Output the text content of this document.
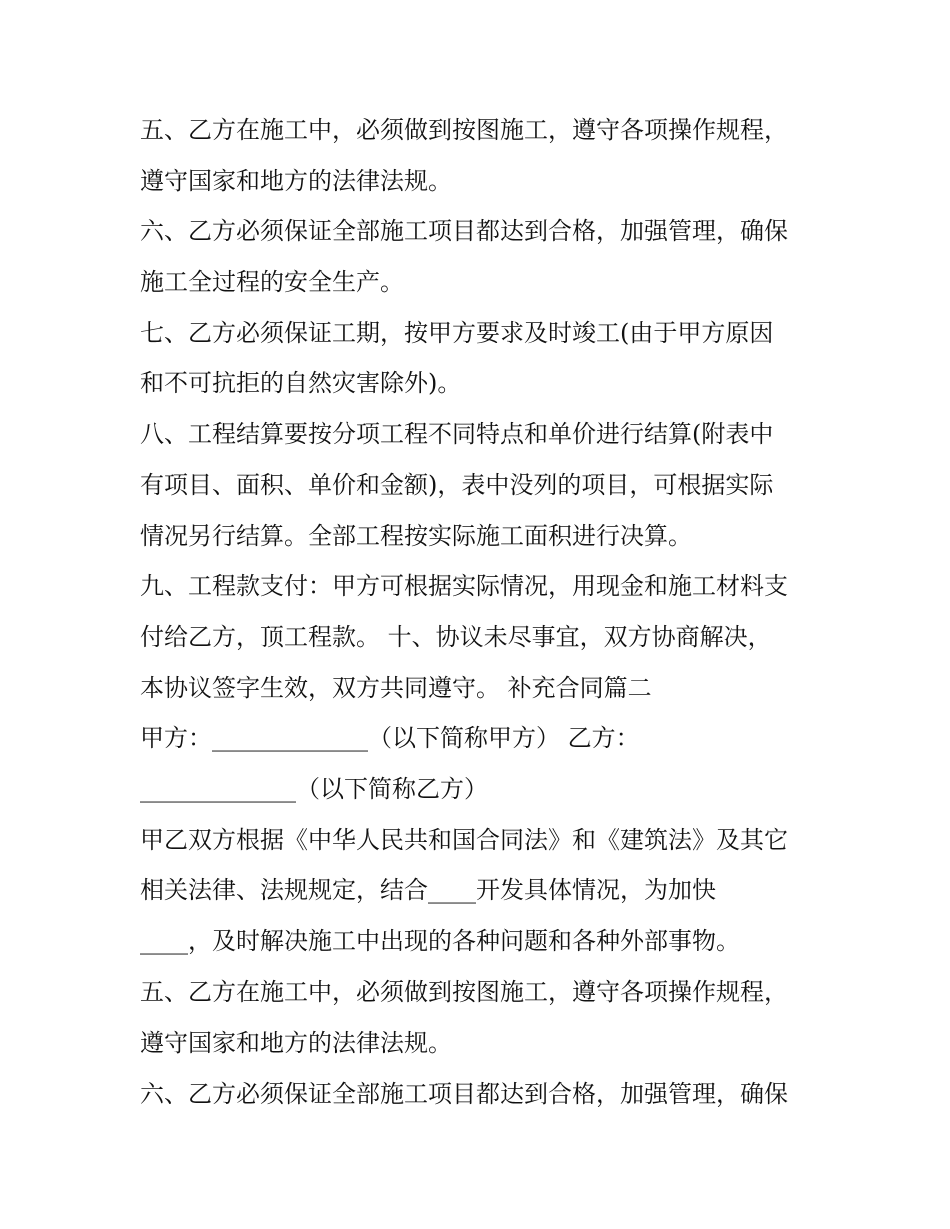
五、乙方在施工中，必须做到按图施工，遵守各项操作规程，
遵守国家和地方的法律法规。
六、乙方必须保证全部施工项目都达到合格，加强管理，确保
施工全过程的安全生产。
七、乙方必须保证工期，按甲方要求及时竣工(由于甲方原因
和不可抗拒的自然灾害除外)。
八、工程结算要按分项工程不同特点和单价进行结算(附表中
有项目、面积、单价和金额)，表中没列的项目，可根据实际
情况另行结算。全部工程按实际施工面积进行决算。
九、工程款支付：甲方可根据实际情况，用现金和施工材料支
付给乙方，顶工程款。 十、协议未尽事宜，双方协商解决，
本协议签字生效，双方共同遵守。 补充合同篇二
甲方：_____________（以下简称甲方） 乙方：
_____________（以下简称乙方）
甲乙双方根据《中华人民共和国合同法》和《建筑法》及其它
相关法律、法规规定，结合____开发具体情况，为加快
____，及时解决施工中出现的各种问题和各种外部事物。
五、乙方在施工中，必须做到按图施工，遵守各项操作规程，
遵守国家和地方的法律法规。
六、乙方必须保证全部施工项目都达到合格，加强管理，确保
